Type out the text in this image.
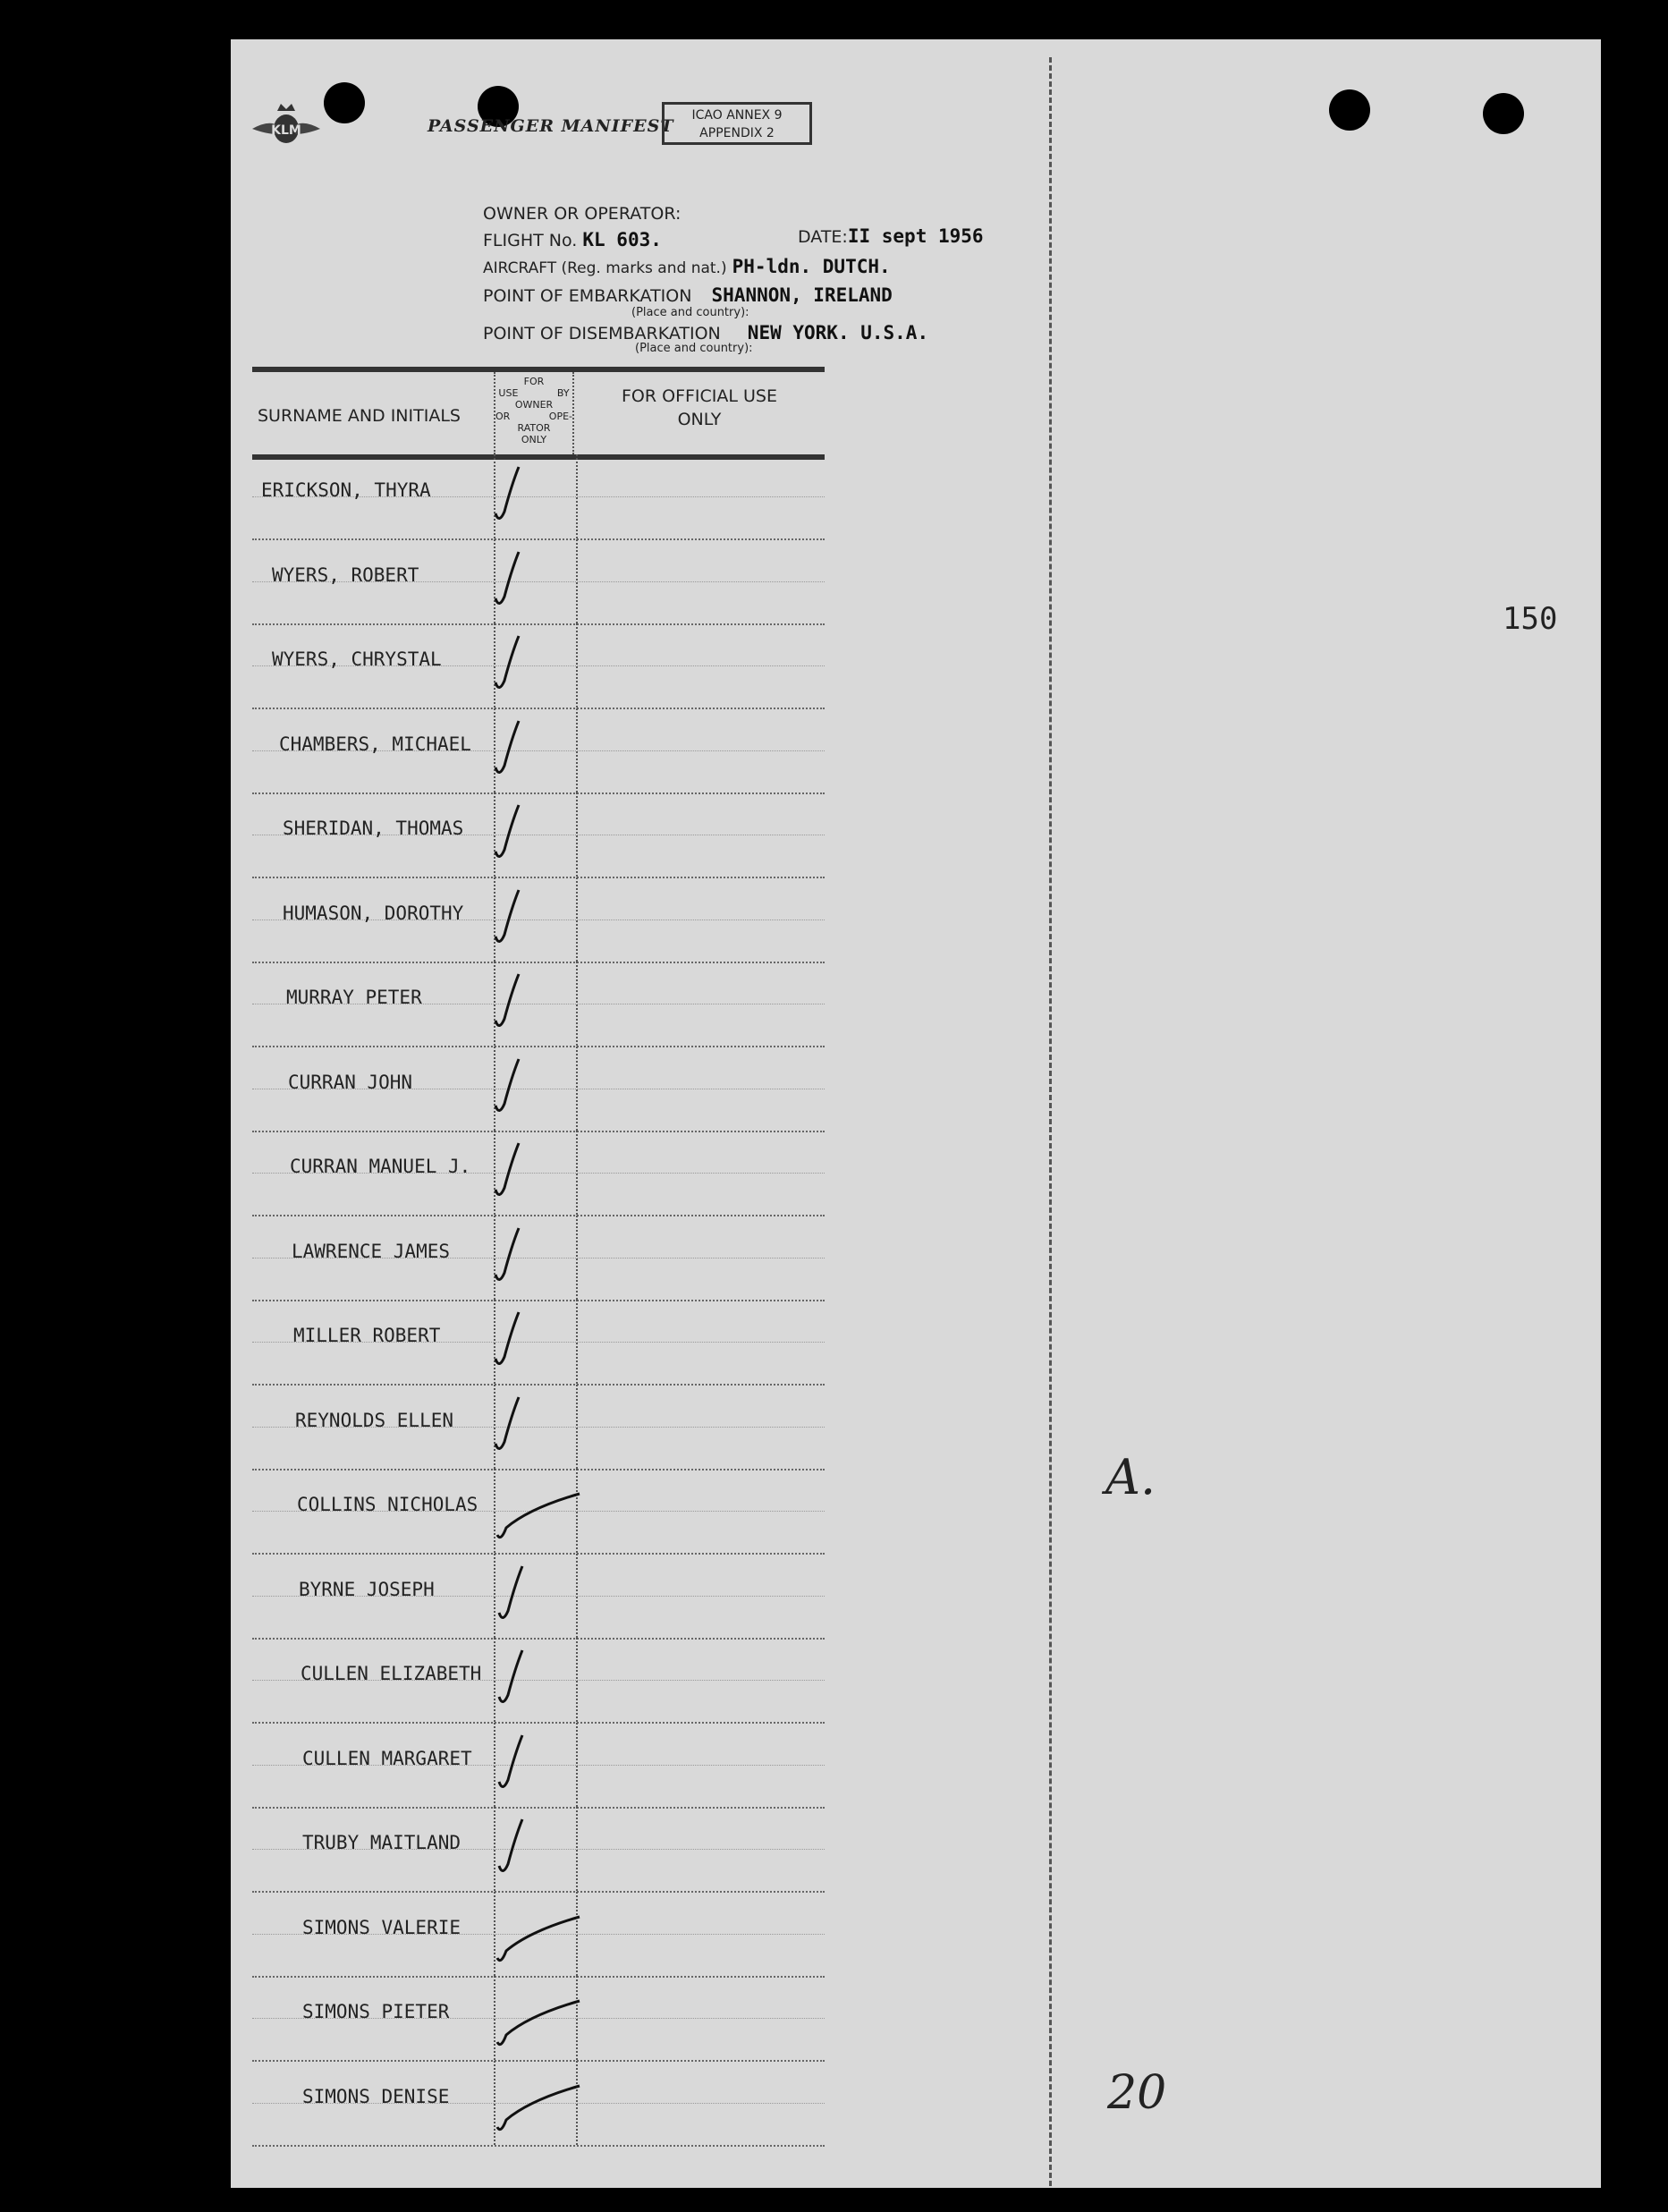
KLM	PASSENGER MANIFEST
ICAO ANNEX 9
APPENDIX 2
OWNER OR OPERATOR:
FLIGHT No. KL 603.	DATE:II sept 1956
AIRCRAFT (Reg. marks and nat.) PH-ldn. DUTCH.
POINT OF EMBARKATION SHANNON, IRELAND
(Place and country):
POINT OF DISEMBARKATION NEW YORK. U.S.A.
(Place and country):
SURNAME AND INITIALS
FOR USE BY OWNER OR OPE- RATOR ONLY
FOR OFFICIAL USE
ONLY
ERICKSON, THYRA
WYERS, ROBERT
WYERS, CHRYSTAL
CHAMBERS, MICHAEL
SHERIDAN, THOMAS
HUMASON, DOROTHY
MURRAY PETER
CURRAN JOHN
CURRAN MANUEL J.
LAWRENCE JAMES
MILLER ROBERT
REYNOLDS ELLEN
COLLINS NICHOLAS
BYRNE JOSEPH
CULLEN ELIZABETH
CULLEN MARGARET
TRUBY MAITLAND
SIMONS VALERIE
SIMONS PIETER
SIMONS DENISE
150
A.
20
